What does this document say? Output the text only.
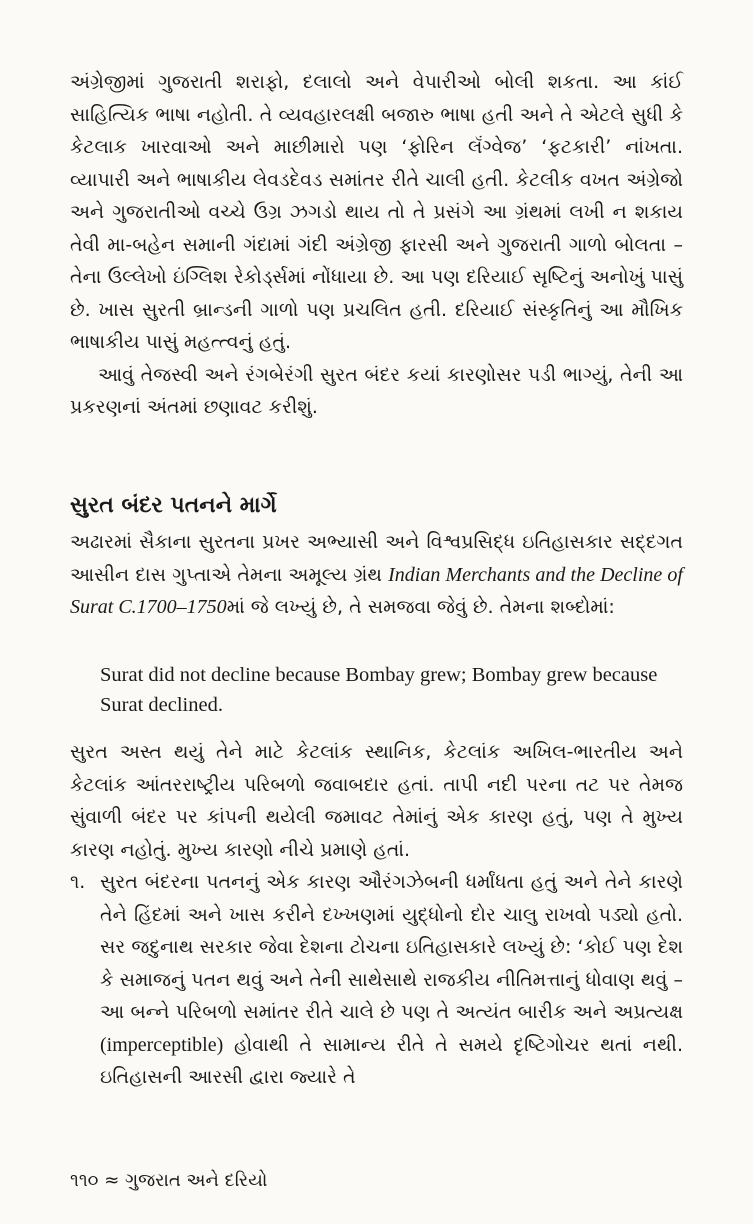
અંગ્રેજીમાં ગુજરાતી શરાફો, દલાલો અને વેપારીઓ બોલી શકતા. આ કાંઈ સાહિત્યિક ભાષા નહોતી. તે વ્યવહારલક્ષી બજારુ ભાષા હતી અને તે એટલે સુધી કે કેટલાક ખારવાઓ અને માછીમારો પણ ‘ફોરિન લૅંગ્વેજ’ ‘ફટકારી’ નાંખતા. વ્યાપારી અને ભાષાકીય લેવડદેવડ સમાંતર રીતે ચાલી હતી. કેટલીક વખત અંગ્રેજો અને ગુજરાતીઓ વચ્ચે ઉગ્ર ઝગડો થાય તો તે પ્રસંગે આ ગ્રંથમાં લખી ન શકાય તેવી મા-બહેન સમાની ગંદામાં ગંદી અંગ્રેજી ફારસી અને ગુજરાતી ગાળો બોલતા – તેના ઉલ્લેખો ઇંગ્લિશ રેકોર્ડ્સમાં નોંધાયા છે. આ પણ દરિયાઈ સૃષ્ટિનું અનોખું પાસું છે. ખાસ સુરતી બ્રાન્ડની ગાળો પણ પ્રચલિત હતી. દરિયાઈ સંસ્કૃતિનું આ મૌખિક ભાષાકીય પાસું મહત્ત્વનું હતું.
આવું તેજસ્વી અને રંગબેરંગી સુરત બંદર કયાં કારણોસર પડી ભાગ્યું, તેની આ પ્રકરણનાં અંતમાં છણાવટ કરીશું.
સુરત બંદર પતનને માર્ગે
અઢારમાં સૈકાના સુરતના પ્રખર અભ્યાસી અને વિશ્વપ્રસિદ્ધ ઇતિહાસકાર સદ્દગત આસીન દાસ ગુપ્તાએ તેમના અમૂલ્ય ગ્રંથ Indian Merchants and the Decline of Surat C.1700–1750માં જે લખ્યું છે, તે સમજવા જેવું છે. તેમના શબ્દોમાં:
Surat did not decline because Bombay grew; Bombay grew because Surat declined.
સુરત અસ્ત થયું તેને માટે કેટલાંક સ્થાનિક, કેટલાંક અખિલ-ભારતીય અને કેટલાંક આંતરરાષ્ટ્રીય પરિબળો જવાબદાર હતાં. તાપી નદી પરના તટ પર તેમજ સુંવાળી બંદર પર કાંપની થયેલી જમાવટ તેમાંનું એક કારણ હતું, પણ તે મુખ્ય કારણ નહોતું. મુખ્ય કારણો નીચે પ્રમાણે હતાં.
૧. સુરત બંદરના પતનનું એક કારણ ઔરંગઝેબની ધર્માંધતા હતું અને તેને કારણે તેને હિંદમાં અને ખાસ કરીને દખ્ખણમાં યુદ્ધોનો દોર ચાલુ રાખવો પડ્યો હતો. સર જદુનાથ સરકાર જેવા દેશના ટોચના ઇતિહાસકારે લખ્યું છે: ‘કોઈ પણ દેશ કે સમાજનું પતન થવું અને તેની સાથેસાથે રાજકીય નીતિમત્તાનું ધોવાણ થવું – આ બન્ને પરિબળો સમાંતર રીતે ચાલે છે પણ તે અત્યંત બારીક અને અપ્રત્યક્ષ (imperceptible) હોવાથી તે સામાન્ય રીતે તે સમયે દૃષ્ટિગોચર થતાં નથી. ઇતિહાસની આરસી દ્વારા જ્યારે તે
૧૧૦ ≈ ગુજરાત અને દરિયો
